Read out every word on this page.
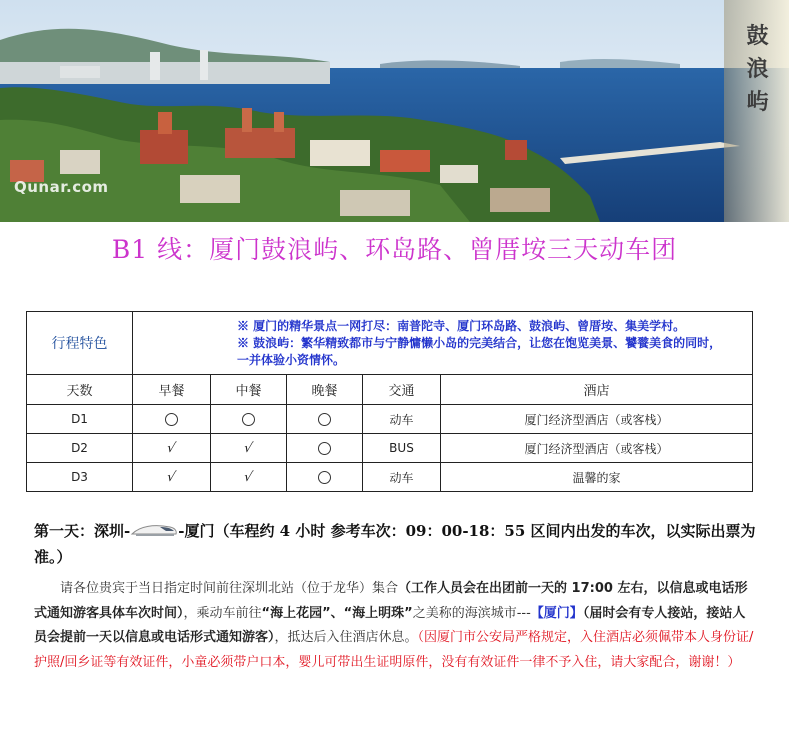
Qunar.com
鼓浪屿
B1 线：厦门鼓浪屿、环岛路、曾厝垵三天动车团
行程特色	※ 厦门的精华景点一网打尽：南普陀寺、厦门环岛路、鼓浪屿、曾厝垵、集美学村。
※ 鼓浪屿：繁华精致都市与宁静慵懒小岛的完美结合，让您在饱览美景、饕餮美食的同时，
一并体验小资情怀。				

天数	早餐	中餐	晚餐	交通	酒店
D1				动车	厦门经济型酒店（或客栈）
D2	√	√		BUS	厦门经济型酒店（或客栈）
D3	√	√		动车	温馨的家
第一天：深圳-	-厦门（车程约 4 小时 参考车次：09：00-18：55 区间内出发的车次，以实际出票为准。）
请各位贵宾于当日指定时间前往深圳北站（位于龙华）集合（工作人员会在出团前一天的 17:00 左右，以信息或电话形式通知游客具体车次时间），乘动车前往“海上花园”、“海上明珠”之美称的海滨城市---【厦门】（届时会有专人接站，接站人员会提前一天以信息或电话形式通知游客），抵达后入住酒店休息。（因厦门市公安局严格规定，入住酒店必须佩带本人身份证/护照/回乡证等有效证件，小童必须带户口本，婴儿可带出生证明原件，没有有效证件一律不予入住，请大家配合，谢谢！）
